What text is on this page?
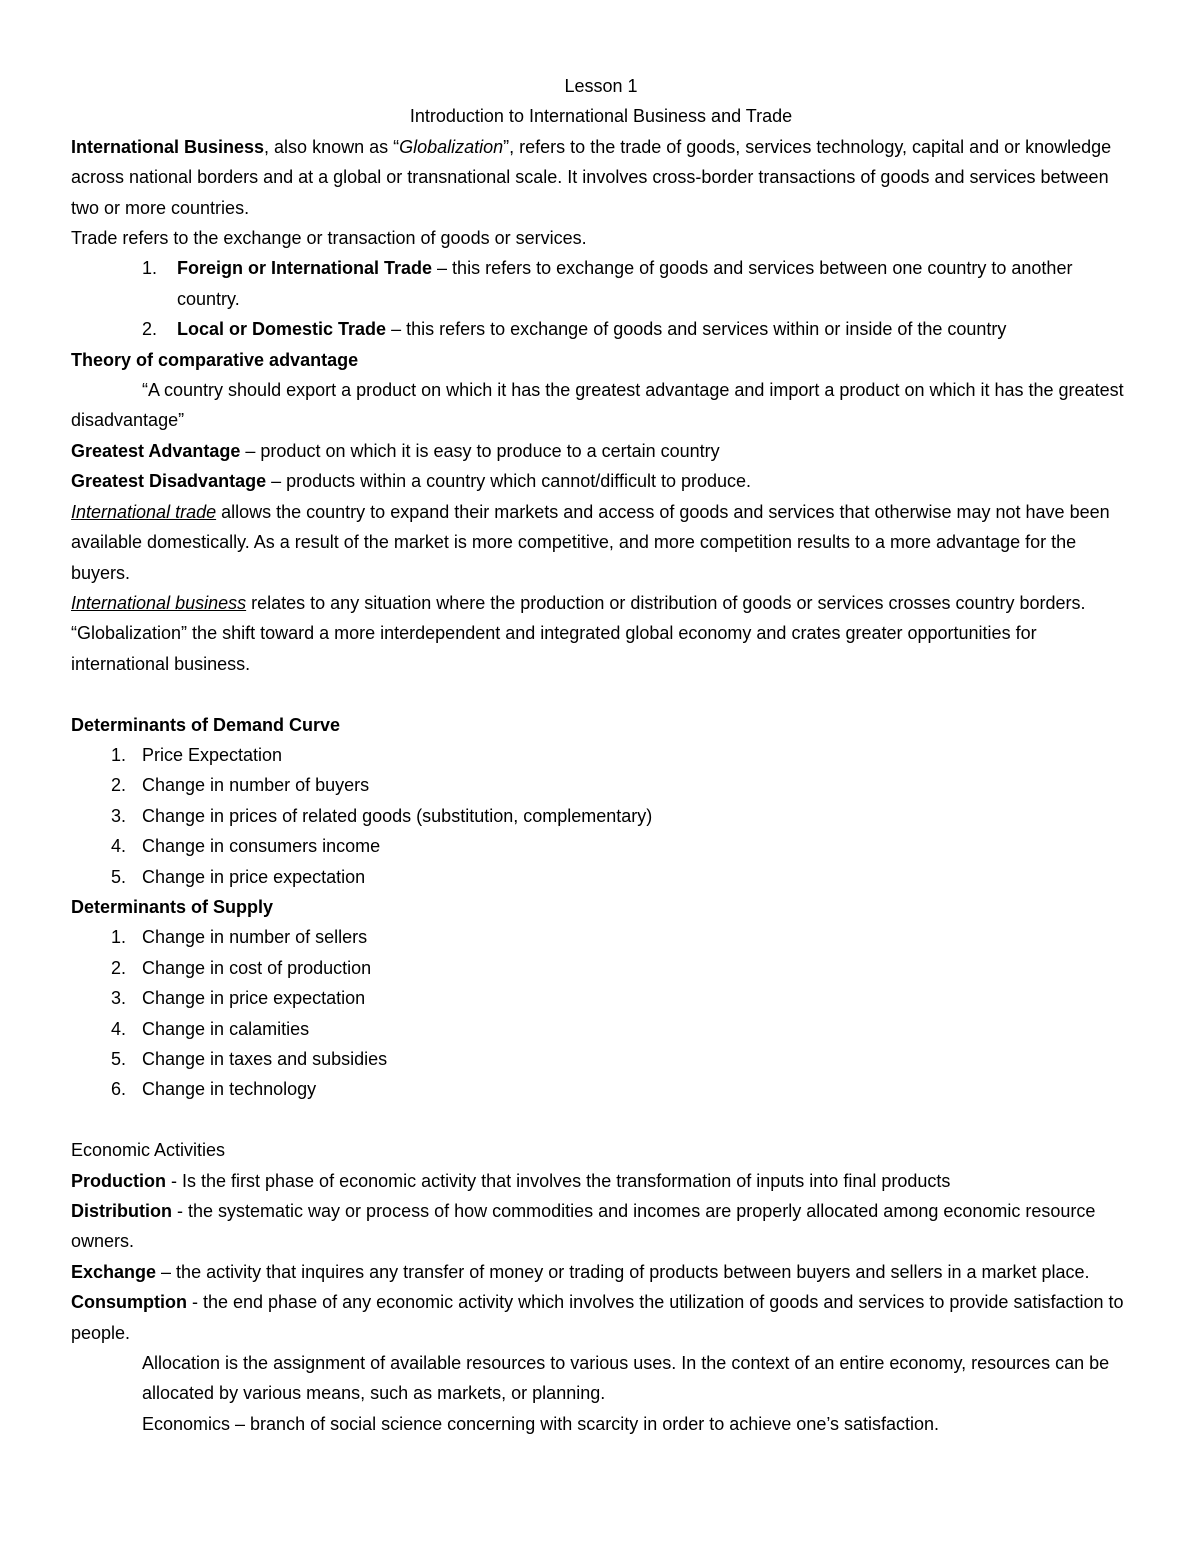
Lesson 1

Introduction to International Business and Trade

International Business, also known as “Globalization”, refers to the trade of goods, services technology, capital and or knowledge across national borders and at a global or transnational scale. It involves cross-border transactions of goods and services between two or more countries.

Trade refers to the exchange or transaction of goods or services.

1. Foreign or International Trade – this refers to exchange of goods and services between one country to another country.
2. Local or Domestic Trade – this refers to exchange of goods and services within or inside of the country

Theory of comparative advantage

“A country should export a product on which it has the greatest advantage and import a product on which it has the greatest disadvantage”

Greatest Advantage – product on which it is easy to produce to a certain country

Greatest Disadvantage – products within a country which cannot/difficult to produce.

International trade allows the country to expand their markets and access of goods and services that otherwise may not have been available domestically. As a result of the market is more competitive, and more competition results to a more advantage for the buyers.

International business relates to any situation where the production or distribution of goods or services crosses country borders. “Globalization” the shift toward a more interdependent and integrated global economy and crates greater opportunities for international business.

Determinants of Demand Curve

1. Price Expectation
2. Change in number of buyers
3. Change in prices of related goods (substitution, complementary)
4. Change in consumers income
5. Change in price expectation

Determinants of Supply

1. Change in number of sellers
2. Change in cost of production
3. Change in price expectation
4. Change in calamities
5. Change in taxes and subsidies
6. Change in technology

Economic Activities

Production - Is the first phase of economic activity that involves the transformation of inputs into final products

Distribution - the systematic way or process of how commodities and incomes are properly allocated among economic resource owners.

Exchange – the activity that inquires any transfer of money or trading of products between buyers and sellers in a market place.

Consumption - the end phase of any economic activity which involves the utilization of goods and services to provide satisfaction to people.

Allocation is the assignment of available resources to various uses. In the context of an entire economy, resources can be allocated by various means, such as markets, or planning.

Economics – branch of social science concerning with scarcity in order to achieve one’s satisfaction.
